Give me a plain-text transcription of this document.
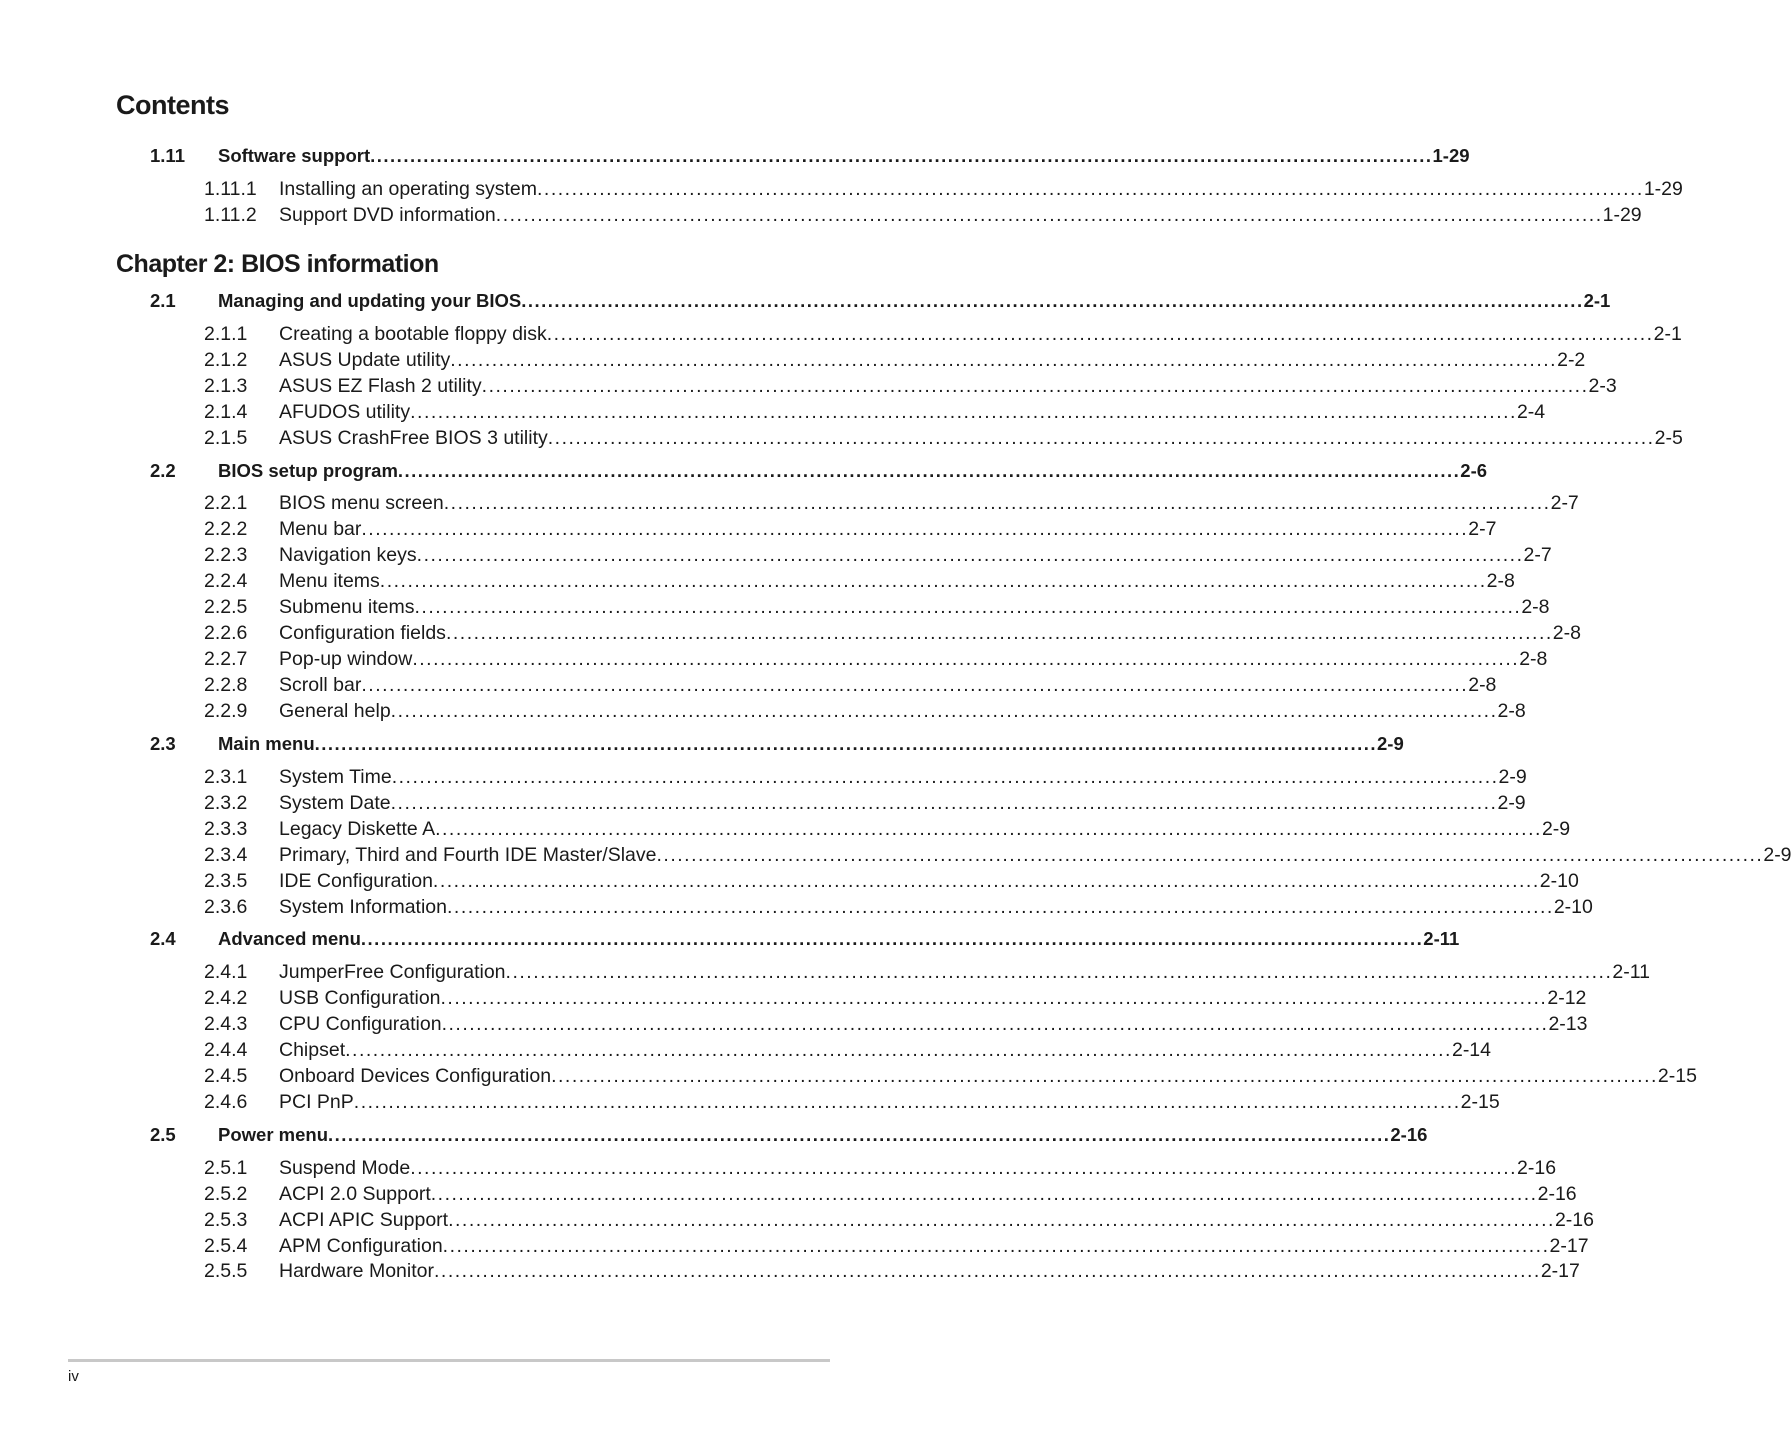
Contents
Chapter 2: BIOS information
1.11 Software support ................................................................................................................................................................ 1-29
1.11.1 Installing an operating system ................................................................................................................................................................ 1-29
1.11.2 Support DVD information ................................................................................................................................................................ 1-29
2.1 Managing and updating your BIOS ................................................................................................................................................................ 2-1
2.1.1 Creating a bootable floppy disk ................................................................................................................................................................ 2-1
2.1.2 ASUS Update utility ................................................................................................................................................................ 2-2
2.1.3 ASUS EZ Flash 2 utility ................................................................................................................................................................ 2-3
2.1.4 AFUDOS utility ................................................................................................................................................................ 2-4
2.1.5 ASUS CrashFree BIOS 3 utility ................................................................................................................................................................ 2-5
2.2 BIOS setup program ................................................................................................................................................................ 2-6
2.2.1 BIOS menu screen ................................................................................................................................................................ 2-7
2.2.2 Menu bar ................................................................................................................................................................ 2-7
2.2.3 Navigation keys ................................................................................................................................................................ 2-7
2.2.4 Menu items ................................................................................................................................................................ 2-8
2.2.5 Submenu items ................................................................................................................................................................ 2-8
2.2.6 Configuration fields ................................................................................................................................................................ 2-8
2.2.7 Pop-up window ................................................................................................................................................................ 2-8
2.2.8 Scroll bar ................................................................................................................................................................ 2-8
2.2.9 General help ................................................................................................................................................................ 2-8
2.3 Main menu ................................................................................................................................................................ 2-9
2.3.1 System Time ................................................................................................................................................................ 2-9
2.3.2 System Date ................................................................................................................................................................ 2-9
2.3.3 Legacy Diskette A ................................................................................................................................................................ 2-9
2.3.4 Primary, Third and Fourth IDE Master/Slave ................................................................................................................................................................ 2-9
2.3.5 IDE Configuration ................................................................................................................................................................ 2-10
2.3.6 System Information ................................................................................................................................................................ 2-10
2.4 Advanced menu ................................................................................................................................................................ 2-11
2.4.1 JumperFree Configuration ................................................................................................................................................................ 2-11
2.4.2 USB Configuration ................................................................................................................................................................ 2-12
2.4.3 CPU Configuration ................................................................................................................................................................ 2-13
2.4.4 Chipset ................................................................................................................................................................ 2-14
2.4.5 Onboard Devices Configuration ................................................................................................................................................................ 2-15
2.4.6 PCI PnP ................................................................................................................................................................ 2-15
2.5 Power menu ................................................................................................................................................................ 2-16
2.5.1 Suspend Mode ................................................................................................................................................................ 2-16
2.5.2 ACPI 2.0 Support ................................................................................................................................................................ 2-16
2.5.3 ACPI APIC Support ................................................................................................................................................................ 2-16
2.5.4 APM Configuration ................................................................................................................................................................ 2-17
2.5.5 Hardware Monitor ................................................................................................................................................................ 2-17
iv
